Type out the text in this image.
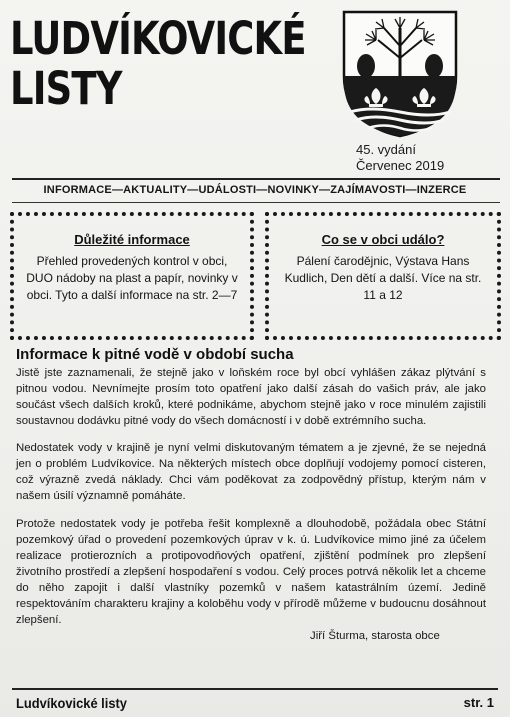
LUDVÍKOVICKÉ
LISTY
45. vydání
Červenec 2019
INFORMACE—AKTUALITY—UDÁLOSTI—NOVINKY—ZAJÍMAVOSTI—INZERCE
Důležité informace

Přehled provedených kontrol v obci, DUO nádoby na plast a papír, novinky v obci. Tyto a další informace na str. 2—7

Co se v obci událo?

Pálení čarodějnic, Výstava Hans Kudlich, Den dětí a další. Více na str. 11 a 12

Informace k pitné vodě v období sucha
Jistě jste zaznamenali, že stejně jako v loňském roce byl obcí vyhlášen zákaz plýtvání s pitnou vodou. Nevnímejte prosím toto opatření jako další zásah do vašich práv, ale jako součást všech dalších kroků, které podnikáme, abychom stejně jako v roce minulém zajistili soustavnou dodávku pitné vody do všech domácností i v době extrémního sucha.
Nedostatek vody v krajině je nyní velmi diskutovaným tématem a je zjevné, že se nejedná jen o problém Ludvíkovice. Na některých místech obce doplňují vodojemy pomocí cisteren, což výrazně zvedá náklady. Chci vám poděkovat za zodpovědný přístup, kterým nám v našem úsilí významně pomáháte.
Protože nedostatek vody je potřeba řešit komplexně a dlouhodobě, požádala obec Státní pozemkový úřad o provedení pozemkových úprav v k. ú. Ludvíkovice mimo jiné za účelem realizace protierozních a protipovodňových opatření, zjištění podmínek pro zlepšení životního prostředí a zlepšení hospodaření s vodou. Celý proces potrvá několik let a chceme do něho zapojit i další vlastníky pozemků v našem katastrálním území. Jedině respektováním charakteru krajiny a koloběhu vody v přírodě můžeme v budoucnu dosáhnout zlepšení.
Jiří Šturma, starosta obce
Ludvíkovické listy	str. 1
